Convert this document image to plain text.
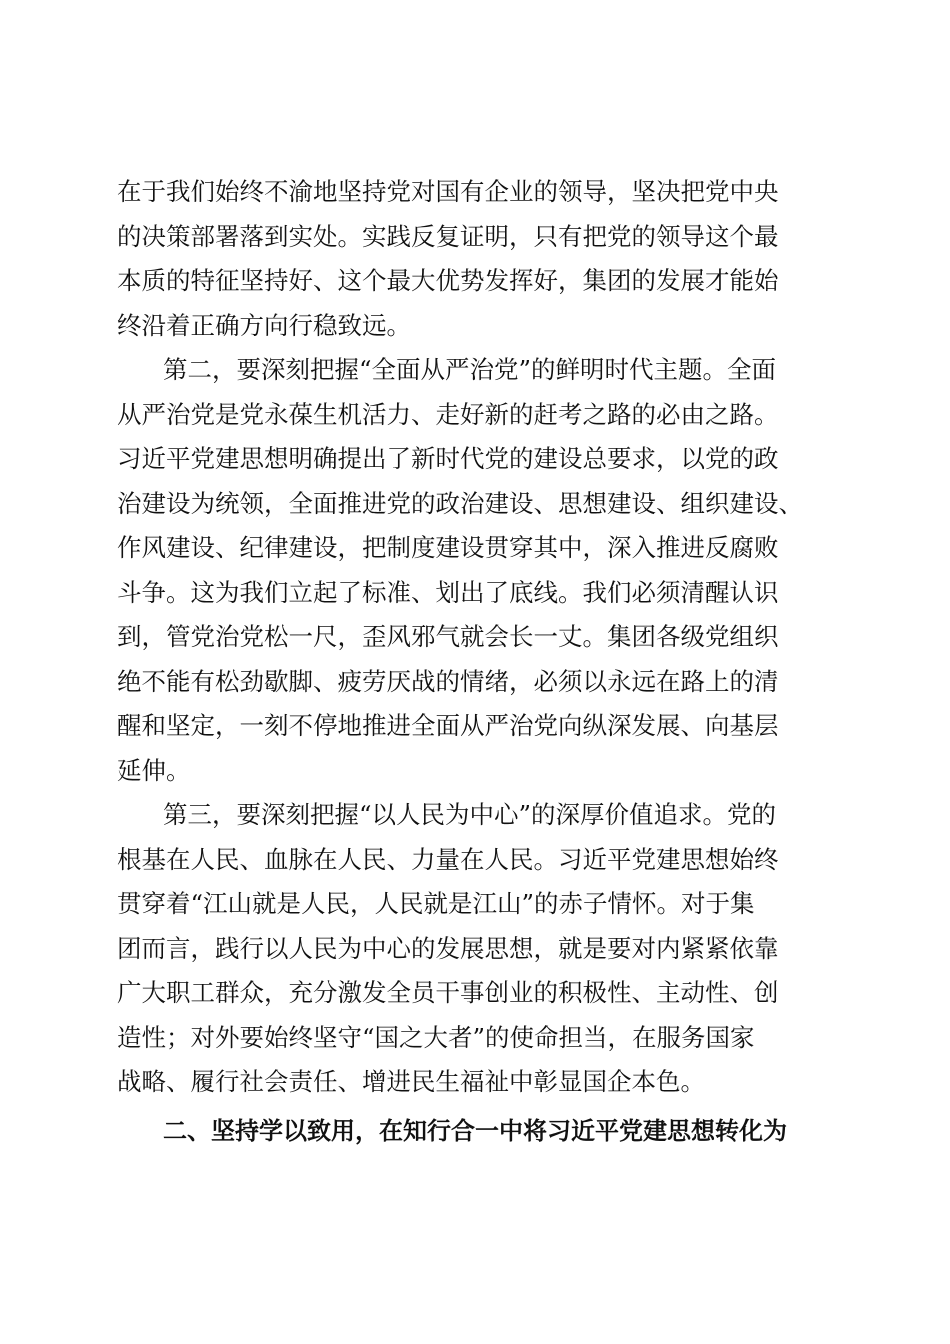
在于我们始终不渝地坚持党对国有企业的领导，坚决把党中央
的决策部署落到实处。实践反复证明，只有把党的领导这个最
本质的特征坚持好、这个最大优势发挥好，集团的发展才能始
终沿着正确方向行稳致远。
第二，要深刻把握“全面从严治党”的鲜明时代主题。全面
从严治党是党永葆生机活力、走好新的赶考之路的必由之路。
习近平党建思想明确提出了新时代党的建设总要求，以党的政
治建设为统领，全面推进党的政治建设、思想建设、组织建设、
作风建设、纪律建设，把制度建设贯穿其中，深入推进反腐败
斗争。这为我们立起了标准、划出了底线。我们必须清醒认识
到，管党治党松一尺，歪风邪气就会长一丈。集团各级党组织
绝不能有松劲歇脚、疲劳厌战的情绪，必须以永远在路上的清
醒和坚定，一刻不停地推进全面从严治党向纵深发展、向基层
延伸。
第三，要深刻把握“以人民为中心”的深厚价值追求。党的
根基在人民、血脉在人民、力量在人民。习近平党建思想始终
贯穿着“江山就是人民，人民就是江山”的赤子情怀。对于集
团而言，践行以人民为中心的发展思想，就是要对内紧紧依靠
广大职工群众，充分激发全员干事创业的积极性、主动性、创
造性；对外要始终坚守“国之大者”的使命担当，在服务国家
战略、履行社会责任、增进民生福祉中彰显国企本色。
二、坚持学以致用，在知行合一中将习近平党建思想转化为
